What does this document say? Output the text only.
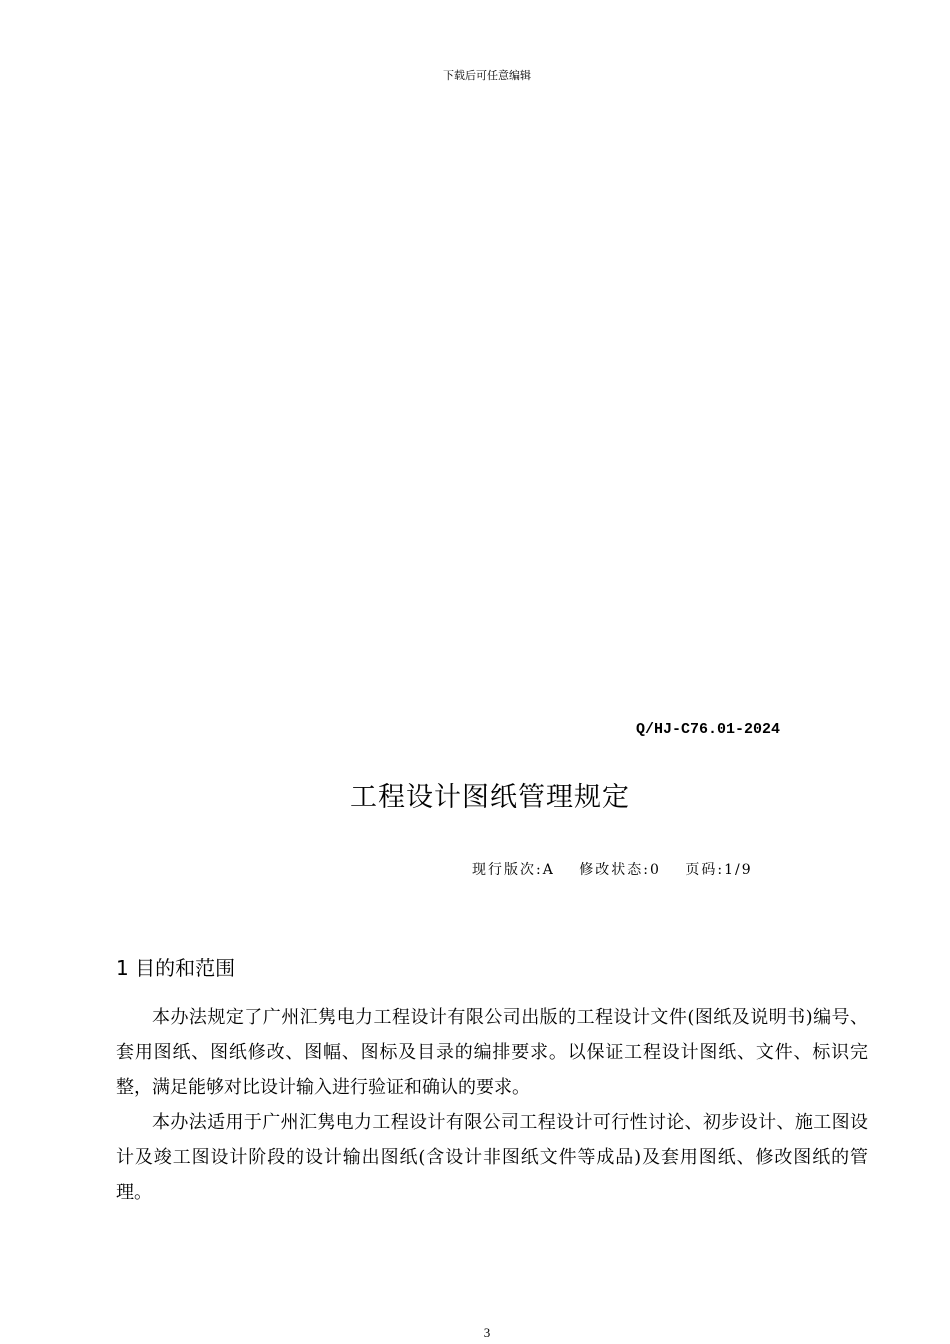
下载后可任意编辑
Q/HJ-C76.01-2024
工程设计图纸管理规定
现行版次:A 修改状态:0 页码:1/9
1 目的和范围

本办法规定了广州汇隽电力工程设计有限公司出版的工程设计文件(图纸及说明书)编号、套用图纸、图纸修改、图幅、图标及目录的编排要求。以保证工程设计图纸、文件、标识完整，满足能够对比设计输入进行验证和确认的要求。

本办法适用于广州汇隽电力工程设计有限公司工程设计可行性讨论、初步设计、施工图设计及竣工图设计阶段的设计输出图纸(含设计非图纸文件等成品)及套用图纸、修改图纸的管理。

3
